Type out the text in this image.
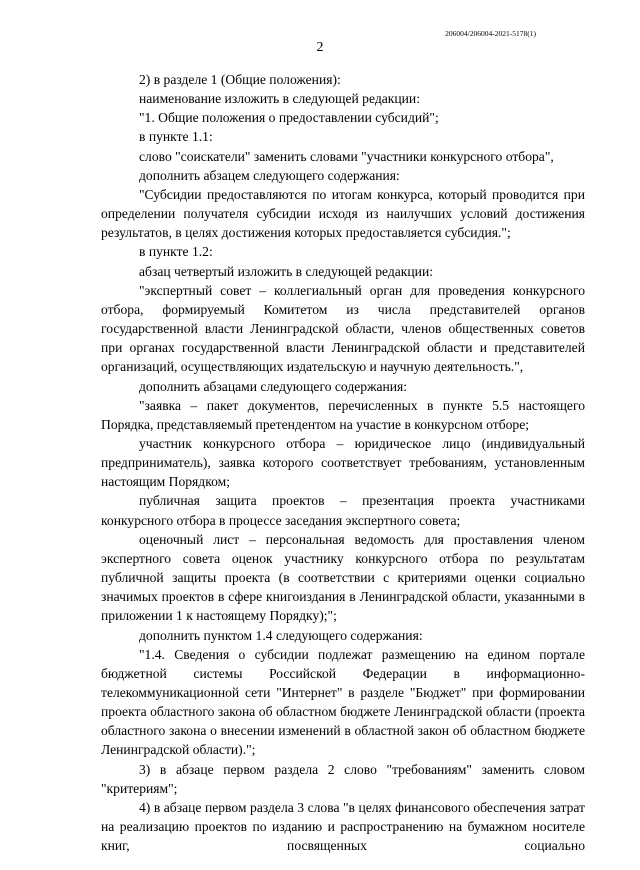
206004/206004-2021-5178(1)
2

2) в разделе 1 (Общие положения):

наименование изложить в следующей редакции:

"1. Общие положения о предоставлении субсидий";

в пункте 1.1:

слово "соискатели" заменить словами "участники конкурсного отбора",

дополнить абзацем следующего содержания:

"Субсидии предоставляются по итогам конкурса, который проводится при определении получателя субсидии исходя из наилучших условий достижения результатов, в целях достижения которых предоставляется субсидия.";

в пункте 1.2:

абзац четвертый изложить в следующей редакции:

"экспертный совет – коллегиальный орган для проведения конкурсного отбора, формируемый Комитетом из числа представителей органов государственной власти Ленинградской области, членов общественных советов при органах государственной власти Ленинградской области и представителей организаций, осуществляющих издательскую и научную деятельность.",

дополнить абзацами следующего содержания:

"заявка – пакет документов, перечисленных в пункте 5.5 настоящего Порядка, представляемый претендентом на участие в конкурсном отборе;

участник конкурсного отбора – юридическое лицо (индивидуальный предприниматель), заявка которого соответствует требованиям, установленным настоящим Порядком;

публичная защита проектов – презентация проекта участниками конкурсного отбора в процессе заседания экспертного совета;

оценочный лист – персональная ведомость для проставления членом экспертного совета оценок участнику конкурсного отбора по результатам публичной защиты проекта (в соответствии с критериями оценки социально значимых проектов в сфере книгоиздания в Ленинградской области, указанными в приложении 1 к настоящему Порядку);";

дополнить пунктом 1.4 следующего содержания:

"1.4. Сведения о субсидии подлежат размещению на едином портале бюджетной системы Российской Федерации в информационно-телекоммуникационной сети "Интернет" в разделе "Бюджет" при формировании проекта областного закона об областном бюджете Ленинградской области (проекта областного закона о внесении изменений в областной закон об областном бюджете Ленинградской области).";

3) в абзаце первом раздела 2 слово "требованиям" заменить словом "критериям";

4) в абзаце первом раздела 3 слова "в целях финансового обеспечения затрат на реализацию проектов по изданию и распространению на бумажном носителе книг, посвященных социально
